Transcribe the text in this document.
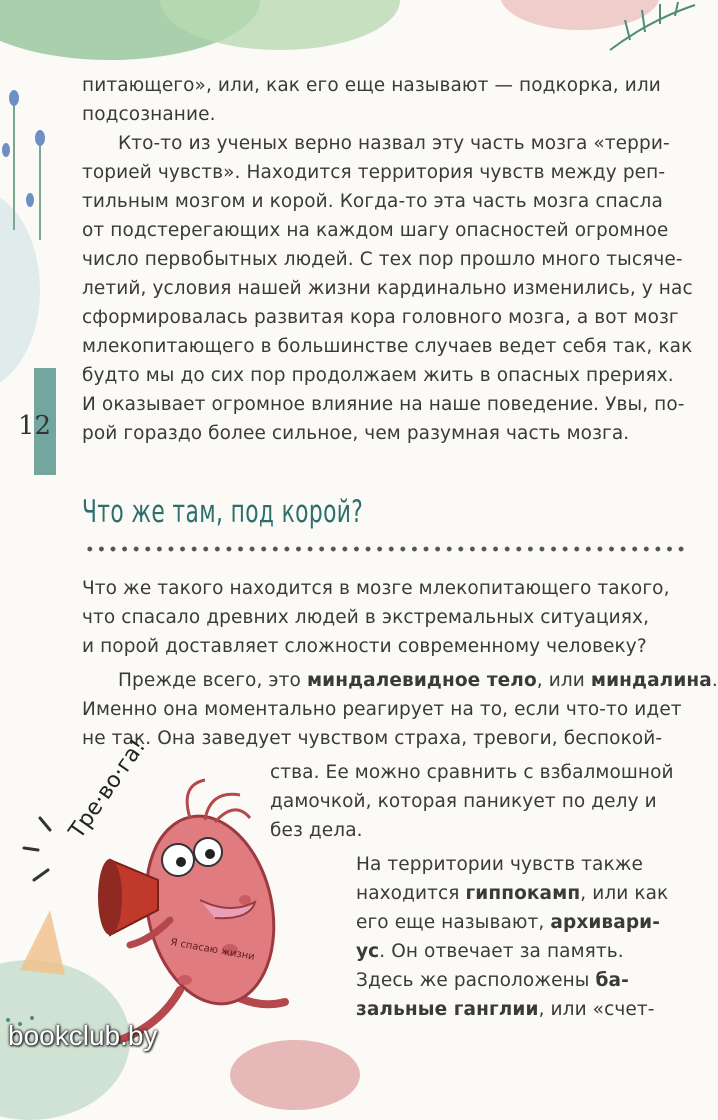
12
питающего», или, как его еще называют — подкорка, или
подсознание.
Кто-то из ученых верно назвал эту часть мозга «терри-
торией чувств». Находится территория чувств между реп-
тильным мозгом и корой. Когда-то эта часть мозга спасла
от подстерегающих на каждом шагу опасностей огромное
число первобытных людей. С тех пор прошло много тысяче-
летий, условия нашей жизни кардинально изменились, у нас
сформировалась развитая кора головного мозга, а вот мозг
млекопитающего в большинстве случаев ведет себя так, как
будто мы до сих пор продолжаем жить в опасных прериях.
И оказывает огромное влияние на наше поведение. Увы, по-
рой гораздо более сильное, чем разумная часть мозга.
Что же там, под корой?
Что же такого находится в мозге млекопитающего такого,
что спасало древних людей в экстремальных ситуациях,
и порой доставляет сложности современному человеку?
Прежде всего, это миндалевидное тело, или миндалина.
Именно она моментально реагирует на то, если что-то идет
не так. Она заведует чувством страха, тревоги, беспокой-
ства. Ее можно сравнить с взбалмошной
дамочкой, которая паникует по делу и
без дела.
На территории чувств также
находится гиппокамп, или как
его еще называют, архивари-
ус. Он отвечает за память.
Здесь же расположены ба-
зальные ганглии, или «счет-
Тре·во·га!
Я спасаю жизни
bookclub.by
